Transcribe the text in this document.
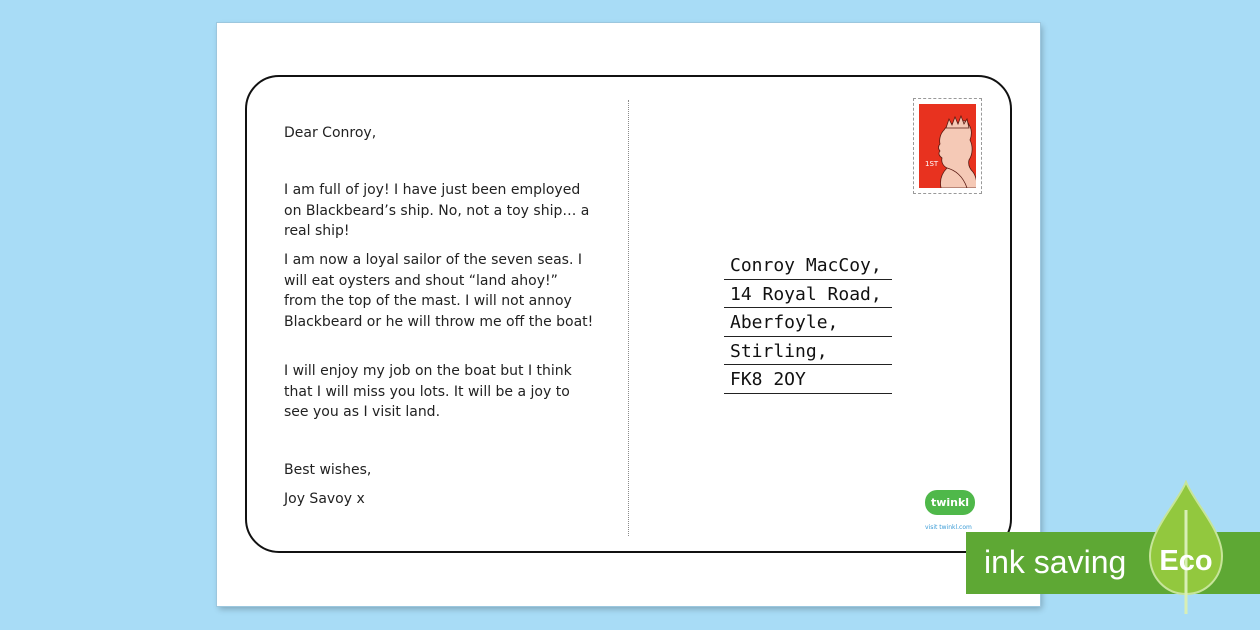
Dear Conroy,

I am full of joy! I have just been employed on Blackbeard’s ship. No, not a toy ship… a real ship!

I am now a loyal sailor of the seven seas. I will eat oysters and shout “land ahoy!” from the top of the mast. I will not annoy Blackbeard or he will throw me off the boat!

I will enjoy my job on the boat but I think that I will miss you lots. It will be a joy to see you as I visit land.

Best wishes,

Joy Savoy x

1ST
Conroy MacCoy,
14 Royal Road,
Aberfoyle,
Stirling,
FK8 2OY
twinkl
visit twinkl.com
ink saving Eco
